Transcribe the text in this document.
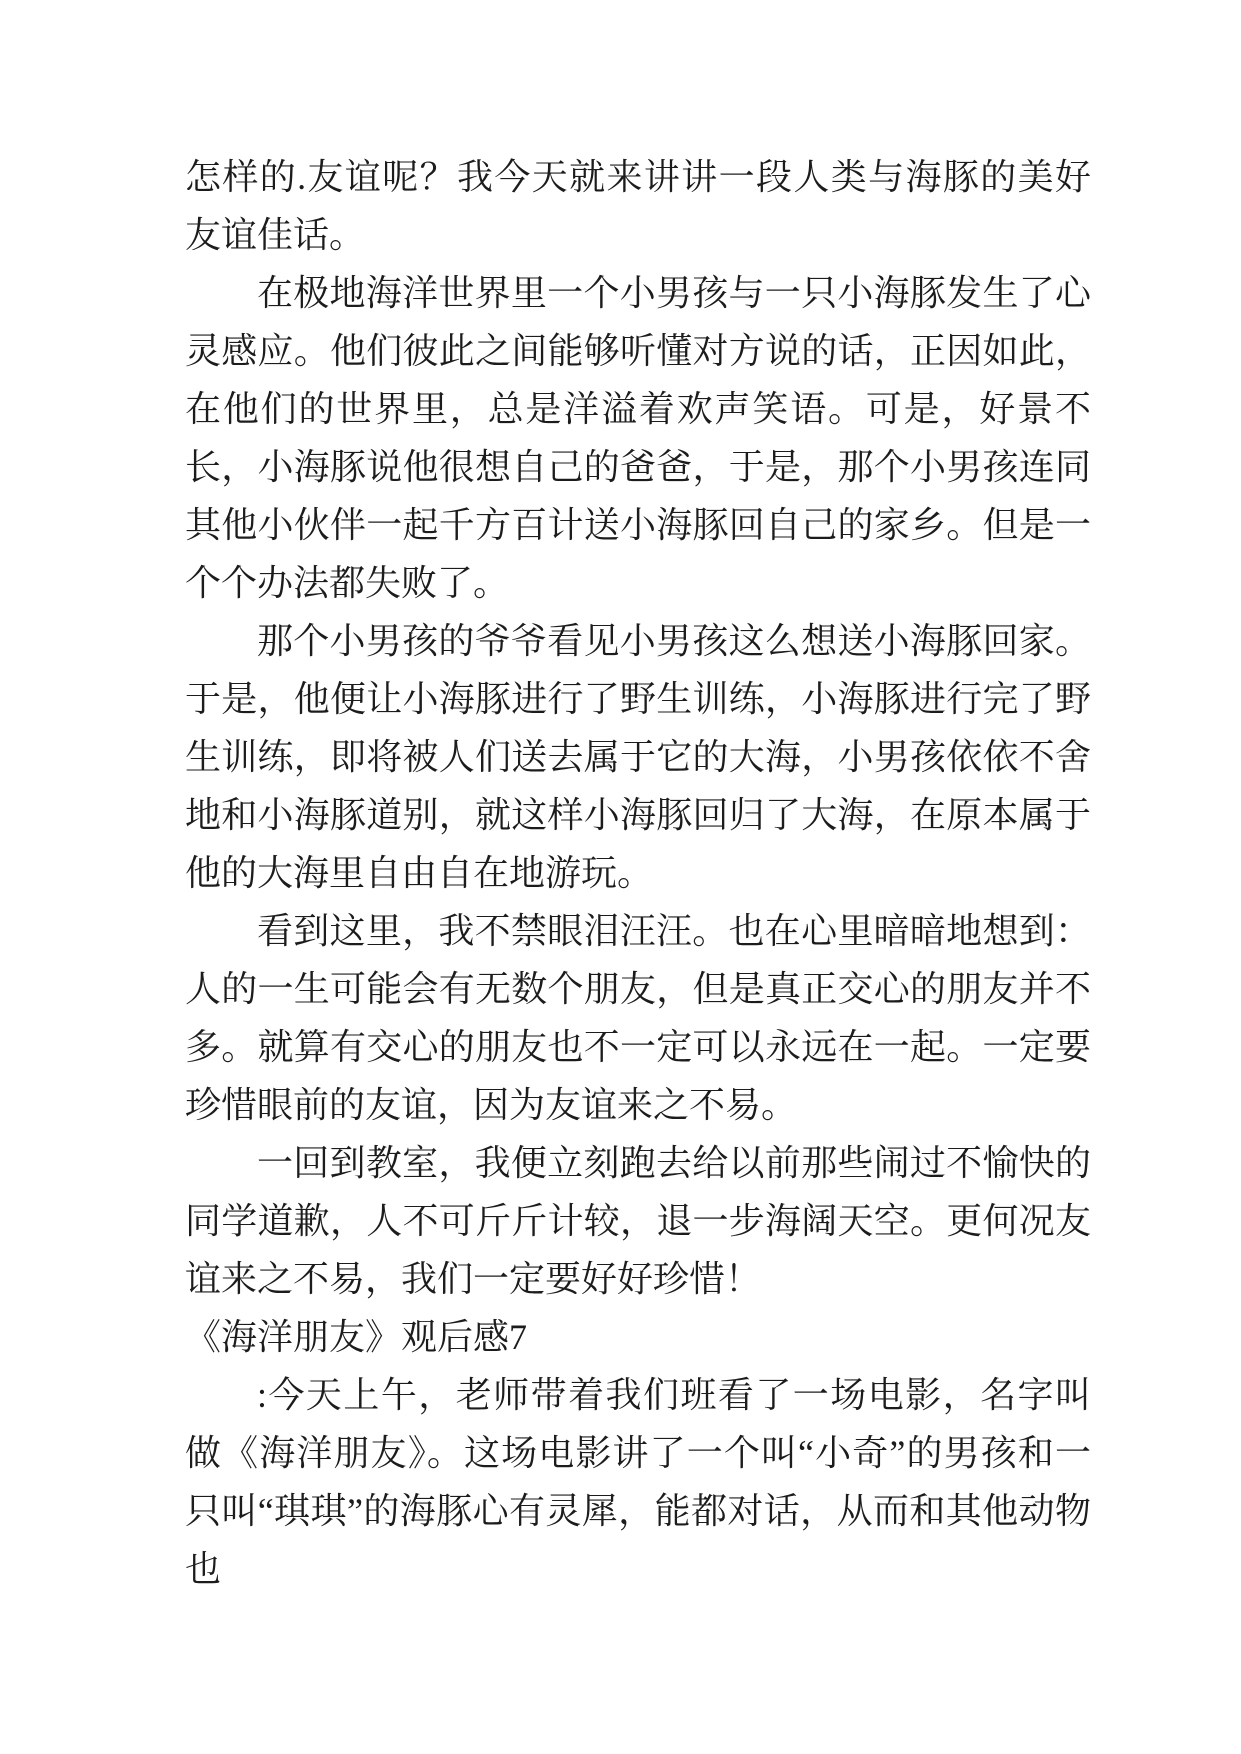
怎样的.友谊呢？我今天就来讲讲一段人类与海豚的美好友谊佳话。
在极地海洋世界里一个小男孩与一只小海豚发生了心灵感应。他们彼此之间能够听懂对方说的话，正因如此，在他们的世界里，总是洋溢着欢声笑语。可是，好景不长，小海豚说他很想自己的爸爸，于是，那个小男孩连同其他小伙伴一起千方百计送小海豚回自己的家乡。但是一个个办法都失败了。
那个小男孩的爷爷看见小男孩这么想送小海豚回家。于是，他便让小海豚进行了野生训练，小海豚进行完了野生训练，即将被人们送去属于它的大海，小男孩依依不舍地和小海豚道别，就这样小海豚回归了大海，在原本属于他的大海里自由自在地游玩。
看到这里，我不禁眼泪汪汪。也在心里暗暗地想到：人的一生可能会有无数个朋友，但是真正交心的朋友并不多。就算有交心的朋友也不一定可以永远在一起。一定要珍惜眼前的友谊，因为友谊来之不易。
一回到教室，我便立刻跑去给以前那些闹过不愉快的同学道歉，人不可斤斤计较，退一步海阔天空。更何况友谊来之不易，我们一定要好好珍惜！
《海洋朋友》观后感7
:今天上午，老师带着我们班看了一场电影，名字叫做《海洋朋友》。这场电影讲了一个叫“小奇”的男孩和一只叫“琪琪”的海豚心有灵犀，能都对话，从而和其他动物也
